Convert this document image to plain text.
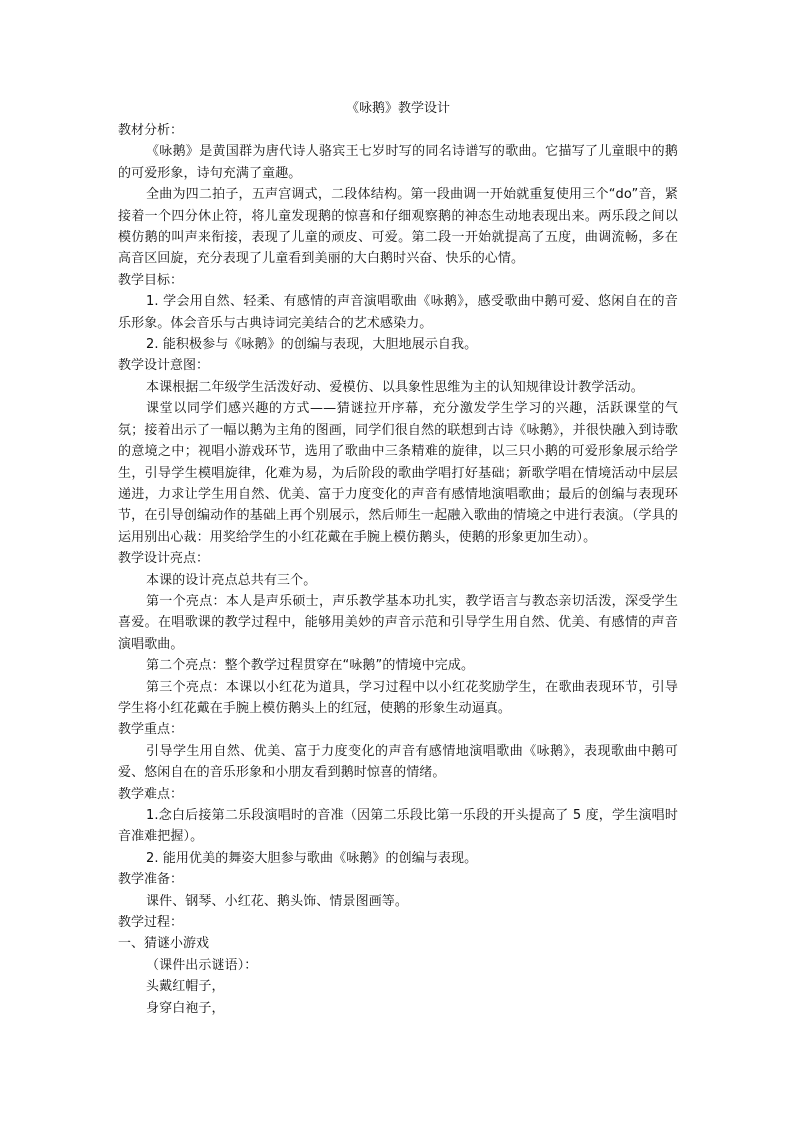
《咏鹅》教学设计

教材分析：

《咏鹅》是黄国群为唐代诗人骆宾王七岁时写的同名诗谱写的歌曲。它描写了儿童眼中的鹅的可爱形象，诗句充满了童趣。

全曲为四二拍子，五声宫调式，二段体结构。第一段曲调一开始就重复使用三个“do”音，紧接着一个四分休止符，将儿童发现鹅的惊喜和仔细观察鹅的神态生动地表现出来。两乐段之间以模仿鹅的叫声来衔接，表现了儿童的顽皮、可爱。第二段一开始就提高了五度，曲调流畅，多在高音区回旋，充分表现了儿童看到美丽的大白鹅时兴奋、快乐的心情。

教学目标：

1. 学会用自然、轻柔、有感情的声音演唱歌曲《咏鹅》，感受歌曲中鹅可爱、悠闲自在的音乐形象。体会音乐与古典诗词完美结合的艺术感染力。

2. 能积极参与《咏鹅》的创编与表现，大胆地展示自我。

教学设计意图：

本课根据二年级学生活泼好动、爱模仿、以具象性思维为主的认知规律设计教学活动。

课堂以同学们感兴趣的方式——猜谜拉开序幕，充分激发学生学习的兴趣，活跃课堂的气氛；接着出示了一幅以鹅为主角的图画，同学们很自然的联想到古诗《咏鹅》，并很快融入到诗歌的意境之中；视唱小游戏环节，选用了歌曲中三条精难的旋律，以三只小鹅的可爱形象展示给学生，引导学生模唱旋律，化难为易，为后阶段的歌曲学唱打好基础；新歌学唱在情境活动中层层递进，力求让学生用自然、优美、富于力度变化的声音有感情地演唱歌曲；最后的创编与表现环节，在引导创编动作的基础上再个别展示，然后师生一起融入歌曲的情境之中进行表演。（学具的运用别出心裁：用奖给学生的小红花戴在手腕上模仿鹅头，使鹅的形象更加生动）。

教学设计亮点：

本课的设计亮点总共有三个。

第一个亮点：本人是声乐硕士，声乐教学基本功扎实，教学语言与教态亲切活泼，深受学生喜爱。在唱歌课的教学过程中，能够用美妙的声音示范和引导学生用自然、优美、有感情的声音演唱歌曲。

第二个亮点：整个教学过程贯穿在“咏鹅”的情境中完成。

第三个亮点：本课以小红花为道具，学习过程中以小红花奖励学生，在歌曲表现环节，引导学生将小红花戴在手腕上模仿鹅头上的红冠，使鹅的形象生动逼真。

教学重点：

引导学生用自然、优美、富于力度变化的声音有感情地演唱歌曲《咏鹅》，表现歌曲中鹅可爱、悠闲自在的音乐形象和小朋友看到鹅时惊喜的情绪。

教学难点：

1.念白后接第二乐段演唱时的音准（因第二乐段比第一乐段的开头提高了 5 度，学生演唱时音准难把握）。

2. 能用优美的舞姿大胆参与歌曲《咏鹅》的创编与表现。

教学准备：

课件、钢琴、小红花、鹅头饰、情景图画等。

教学过程：

一、猜谜小游戏

（课件出示谜语）：

头戴红帽子，

身穿白袍子，
